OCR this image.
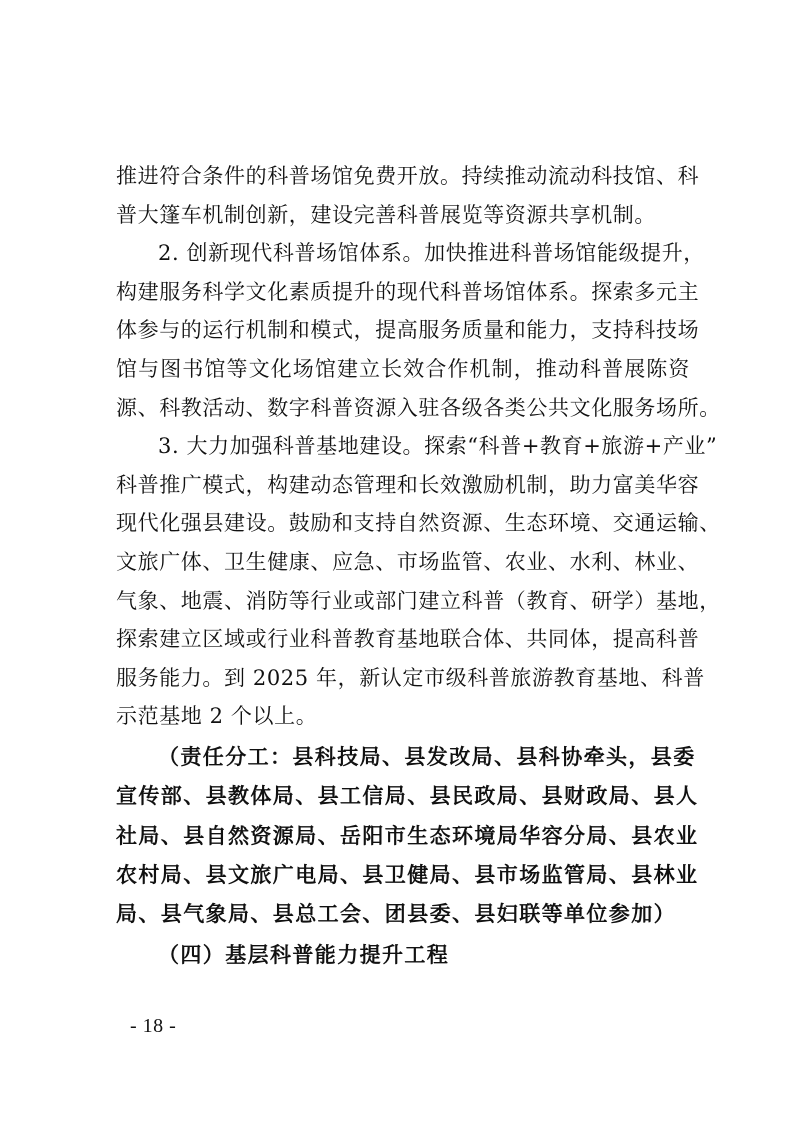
推进符合条件的科普场馆免费开放。持续推动流动科技馆、科
普大篷车机制创新，建设完善科普展览等资源共享机制。
2. 创新现代科普场馆体系。加快推进科普场馆能级提升，
构建服务科学文化素质提升的现代科普场馆体系。探索多元主
体参与的运行机制和模式，提高服务质量和能力，支持科技场
馆与图书馆等文化场馆建立长效合作机制，推动科普展陈资
源、科教活动、数字科普资源入驻各级各类公共文化服务场所。
3. 大力加强科普基地建设。探索“科普+教育+旅游+产业”
科普推广模式，构建动态管理和长效激励机制，助力富美华容
现代化强县建设。鼓励和支持自然资源、生态环境、交通运输、
文旅广体、卫生健康、应急、市场监管、农业、水利、林业、
气象、地震、消防等行业或部门建立科普（教育、研学）基地，
探索建立区域或行业科普教育基地联合体、共同体，提高科普
服务能力。到 2025 年，新认定市级科普旅游教育基地、科普
示范基地 2 个以上。
（责任分工：县科技局、县发改局、县科协牵头，县委
宣传部、县教体局、县工信局、县民政局、县财政局、县人
社局、县自然资源局、岳阳市生态环境局华容分局、县农业
农村局、县文旅广电局、县卫健局、县市场监管局、县林业
局、县气象局、县总工会、团县委、县妇联等单位参加）
（四）基层科普能力提升工程
- 18 -
